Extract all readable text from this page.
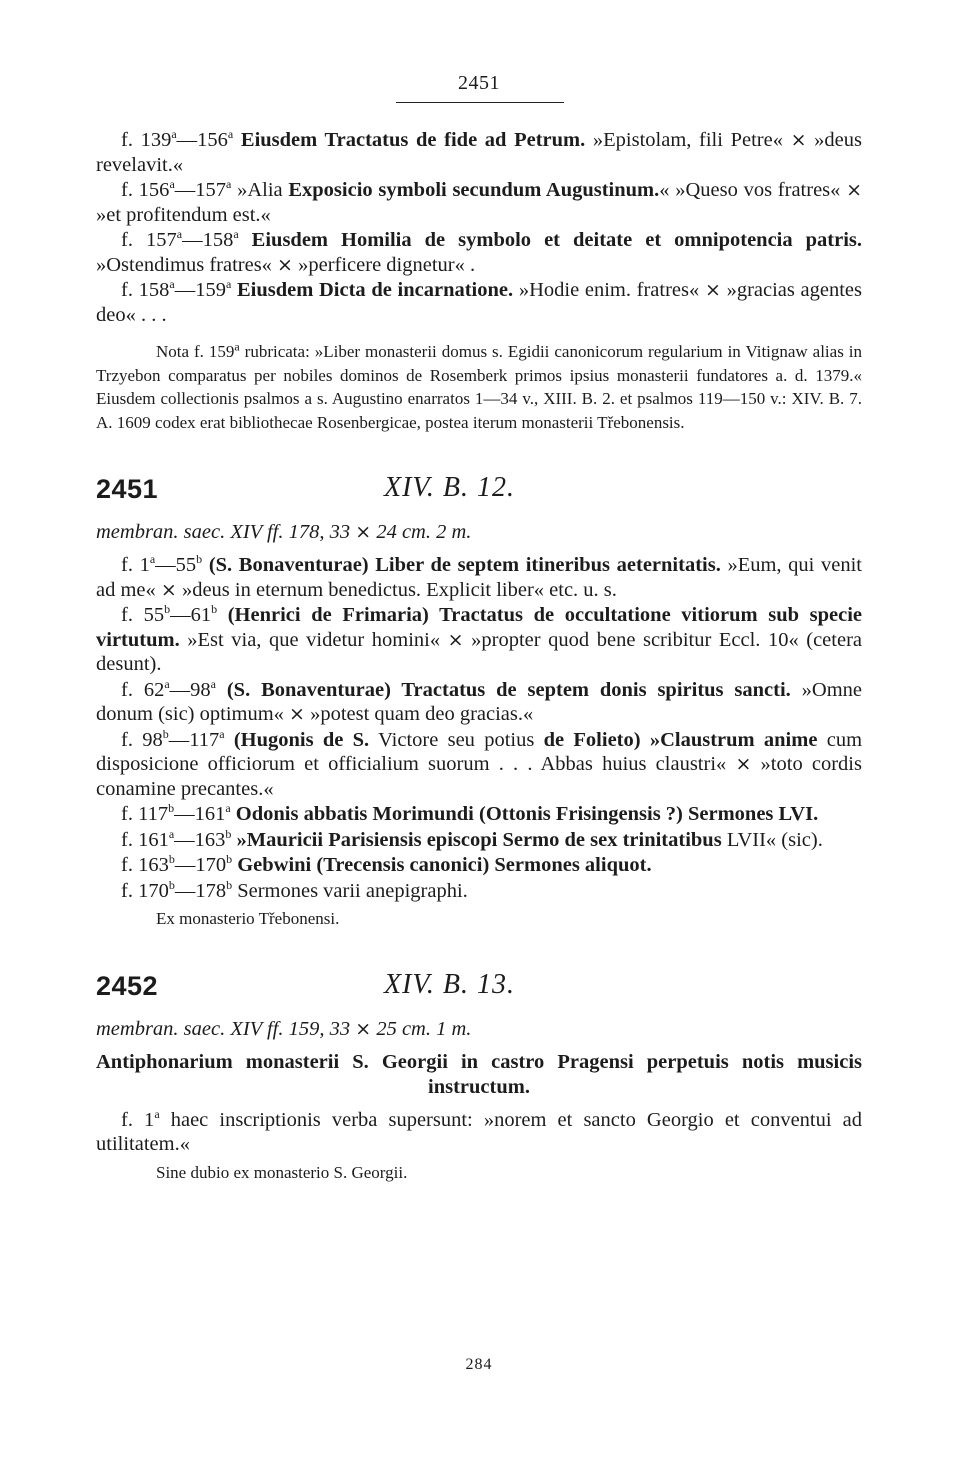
2451

f. 139$^a$—156$^a$ Eiusdem Tractatus de fide ad Petrum. »Epistolam, fili Petre« × »deus revelavit.«

f. 156$^a$—157$^a$ »Alia Exposicio symboli secundum Augustinum.« »Queso vos fratres« × »et profitendum est.«

f. 157$^a$—158$^a$ Eiusdem Homilia de symbolo et deitate et omnipotencia patris. »Ostendimus fratres« × »perficere dignetur« .

f. 158$^a$—159$^a$ Eiusdem Dicta de incarnatione. »Hodie enim. fratres« × »gracias agentes deo« . . .

Nota f. 159$^a$ rubricata: »Liber monasterii domus s. Egidii canonicorum regularium in Vitignaw alias in Trzyebon comparatus per nobiles dominos de Rosemberk primos ipsius monasterii fundatores a. d. 1379.« Eiusdem collectionis psalmos a s. Augustino enarratos 1—34 v., XIII. B. 2. et psalmos 119—150 v.: XIV. B. 7. A. 1609 codex erat bibliothecae Rosenbergicae, postea iterum monasterii Třebonensis.

2451	XIV. B. 12.

membran. saec. XIV ff. 178, 33 × 24 cm. 2 m.

f. 1$^a$—55$^b$ (S. Bonaventurae) Liber de septem itineribus aeternitatis. »Eum, qui venit ad me« × »deus in eternum benedictus. Explicit liber« etc. u. s.

f. 55$^b$—61$^b$ (Henrici de Frimaria) Tractatus de occultatione vitiorum sub specie virtutum. »Est via, que videtur homini« × »propter quod bene scribitur Eccl. 10« (cetera desunt).

f. 62$^a$—98$^a$ (S. Bonaventurae) Tractatus de septem donis spiritus sancti. »Omne donum (sic) optimum« × »potest quam deo gracias.«

f. 98$^b$—117$^a$ (Hugonis de S. Victore seu potius de Folieto) »Claustrum anime cum disposicione officiorum et officialium suorum . . . Abbas huius claustri« × »toto cordis conamine precantes.«

f. 117$^b$—161$^a$ Odonis abbatis Morimundi (Ottonis Frisingensis ?) Sermones LVI.

f. 161$^a$—163$^b$ »Mauricii Parisiensis episcopi Sermo de sex trinitatibus LVII« (sic).

f. 163$^b$—170$^b$ Gebwini (Trecensis canonici) Sermones aliquot.

f. 170$^b$—178$^b$ Sermones varii anepigraphi.

Ex monasterio Třebonensi.

2452	XIV. B. 13.

membran. saec. XIV ff. 159, 33 × 25 cm. 1 m.

Antiphonarium monasterii S. Georgii in castro Pragensi perpetuis notis musicis instructum.

f. 1$^a$ haec inscriptionis verba supersunt: »norem et sancto Georgio et conventui ad utilitatem.«

Sine dubio ex monasterio S. Georgii.

284
